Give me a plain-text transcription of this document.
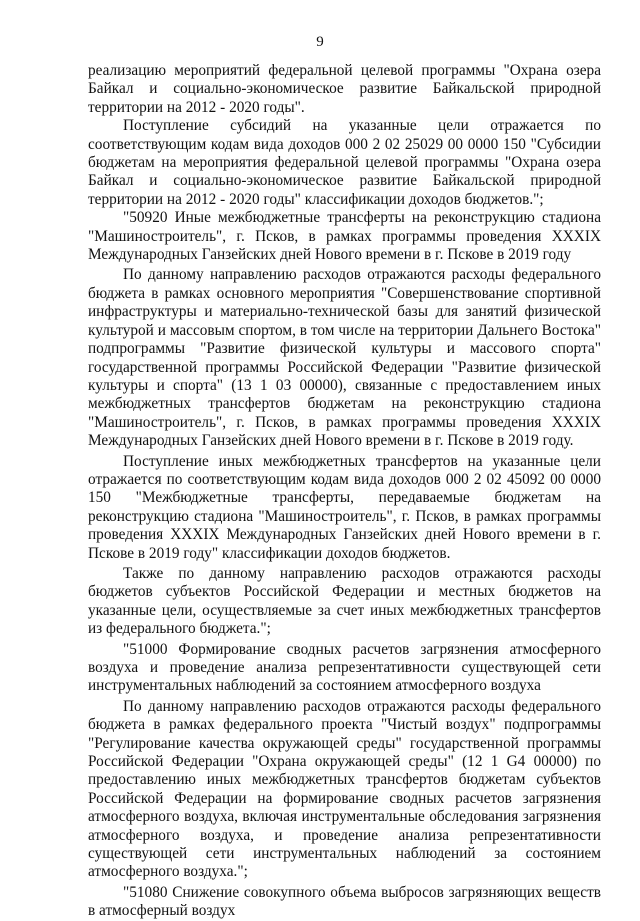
9

реализацию мероприятий федеральной целевой программы "Охрана озера Байкал и социально-экономическое развитие Байкальской природной территории на 2012 - 2020 годы".

Поступление субсидий на указанные цели отражается по соответствующим кодам вида доходов 000 2 02 25029 00 0000 150 "Субсидии бюджетам на мероприятия федеральной целевой программы "Охрана озера Байкал и социально-экономическое развитие Байкальской природной территории на 2012 - 2020 годы" классификации доходов бюджетов.";

"50920 Иные межбюджетные трансферты на реконструкцию стадиона "Машиностроитель", г. Псков, в рамках программы проведения XXXIX Международных Ганзейских дней Нового времени в г. Пскове в 2019 году

По данному направлению расходов отражаются расходы федерального бюджета в рамках основного мероприятия "Совершенствование спортивной инфраструктуры и материально-технической базы для занятий физической культурой и массовым спортом, в том числе на территории Дальнего Востока" подпрограммы "Развитие физической культуры и массового спорта" государственной программы Российской Федерации "Развитие физической культуры и спорта" (13 1 03 00000), связанные с предоставлением иных межбюджетных трансфертов бюджетам на реконструкцию стадиона "Машиностроитель", г. Псков, в рамках программы проведения XXXIX Международных Ганзейских дней Нового времени в г. Пскове в 2019 году.

Поступление иных межбюджетных трансфертов на указанные цели отражается по соответствующим кодам вида доходов 000 2 02 45092 00 0000 150 "Межбюджетные трансферты, передаваемые бюджетам на реконструкцию стадиона "Машиностроитель", г. Псков, в рамках программы проведения XXXIX Международных Ганзейских дней Нового времени в г. Пскове в 2019 году" классификации доходов бюджетов.

Также по данному направлению расходов отражаются расходы бюджетов субъектов Российской Федерации и местных бюджетов на указанные цели, осуществляемые за счет иных межбюджетных трансфертов из федерального бюджета.";

"51000 Формирование сводных расчетов загрязнения атмосферного воздуха и проведение анализа репрезентативности существующей сети инструментальных наблюдений за состоянием атмосферного воздуха

По данному направлению расходов отражаются расходы федерального бюджета в рамках федерального проекта "Чистый воздух" подпрограммы "Регулирование качества окружающей среды" государственной программы Российской Федерации "Охрана окружающей среды" (12 1 G4 00000) по предоставлению иных межбюджетных трансфертов бюджетам субъектов Российской Федерации на формирование сводных расчетов загрязнения атмосферного воздуха, включая инструментальные обследования загрязнения атмосферного воздуха, и проведение анализа репрезентативности существующей сети инструментальных наблюдений за состоянием атмосферного воздуха.";

"51080 Снижение совокупного объема выбросов загрязняющих веществ в атмосферный воздух
